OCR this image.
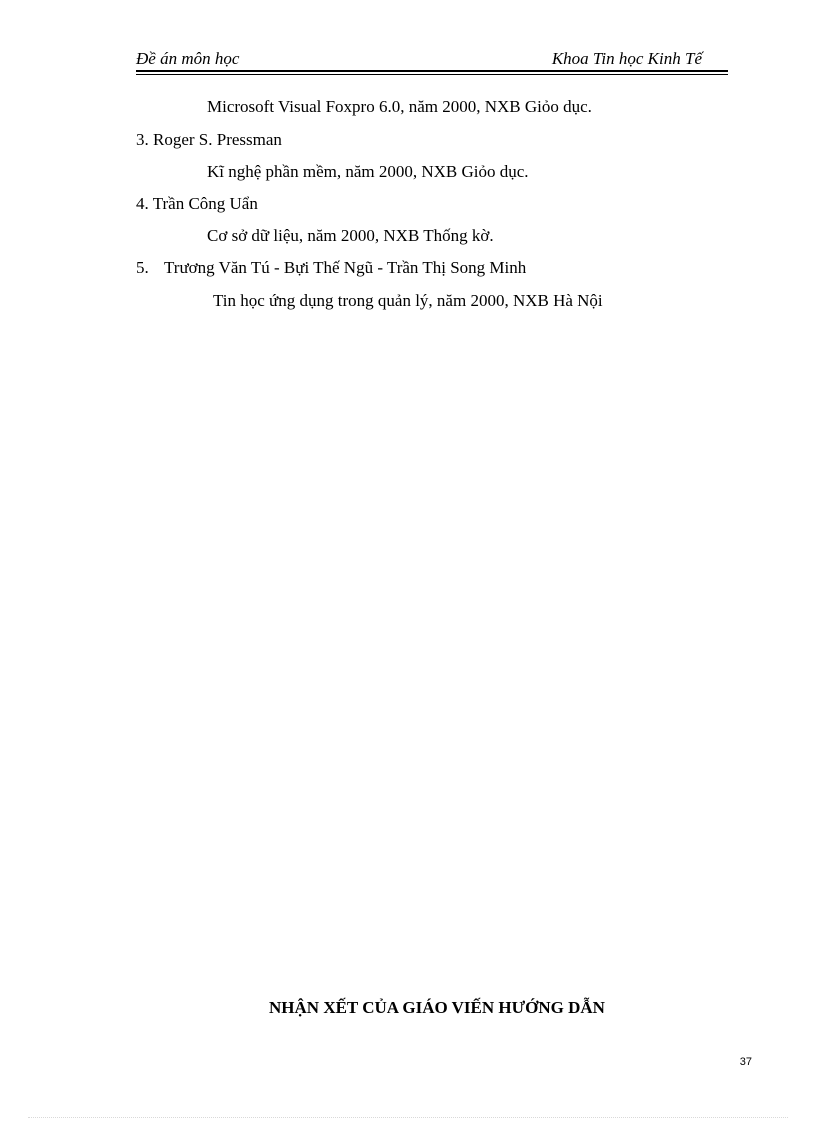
Đề án môn học	Khoa Tin học Kinh Tế
Microsoft Visual Foxpro 6.0, năm 2000, NXB Giỏo dục.
3. Roger S. Pressman
Kĩ nghệ phần mềm, năm 2000, NXB Giỏo dục.
4. Trần Công Uẩn
Cơ sở dữ liệu, năm 2000, NXB Thống kờ.
5. Trương Văn Tú - Bựi Thế Ngũ - Trần Thị Song Minh
Tin học ứng dụng trong quản lý, năm 2000, NXB Hà Nội
NHẬN XẾT CỦA GIÁO VIẾN HƯỚNG DẪN
37
